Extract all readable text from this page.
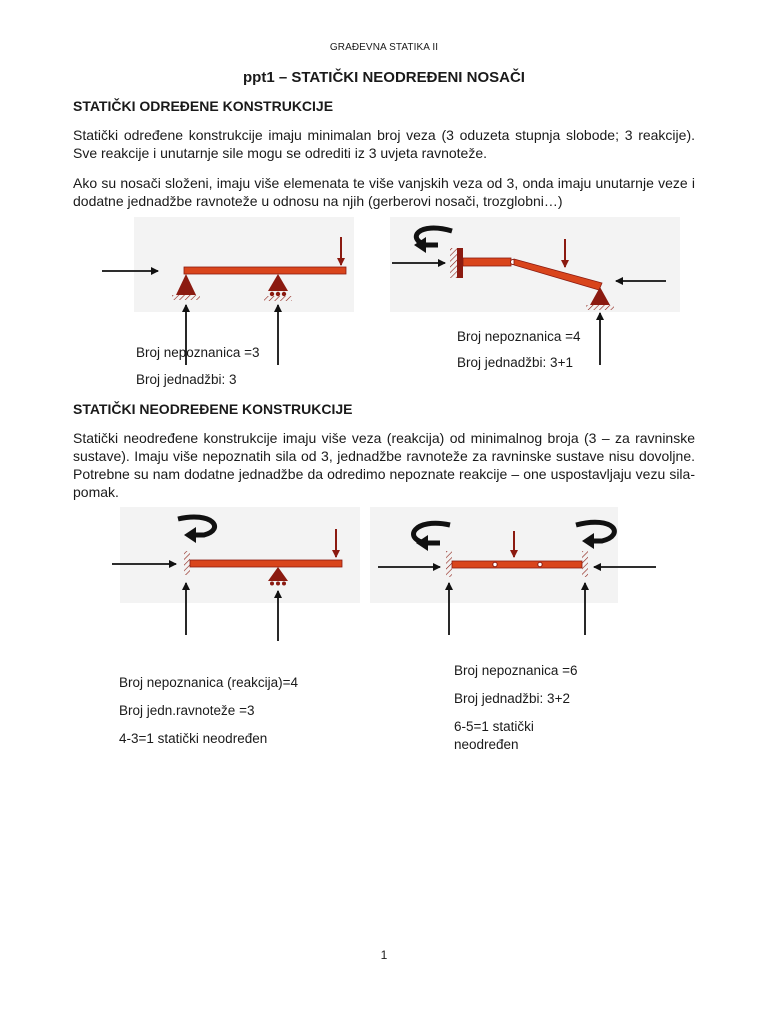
GRAĐEVNA STATIKA II
ppt1 – STATIČKI NEODREĐENI NOSAČI
STATIČKI ODREĐENE KONSTRUKCIJE
Statički određene konstrukcije imaju minimalan broj veza (3 oduzeta stupnja slobode; 3 reakcije). Sve reakcije i unutarnje sile mogu se odrediti iz 3 uvjeta ravnoteže.
Ako su nosači složeni, imaju više elemenata te više vanjskih veza od 3, onda imaju unutarnje veze i dodatne jednadžbe ravnoteže u odnosu na njih (gerberovi nosači, trozglobni…)
Broj nepoznanica =3
Broj jednadžbi: 3
Broj nepoznanica =4
Broj jednadžbi: 3+1
STATIČKI NEODREĐENE KONSTRUKCIJE
Statički neodređene konstrukcije imaju više veza (reakcija) od minimalnog broja (3 – za ravninske sustave). Imaju više nepoznatih sila od 3, jednadžbe ravnoteže za ravninske sustave nisu dovoljne. Potrebne su nam dodatne jednadžbe da odredimo nepoznate reakcije – one uspostavljaju vezu sila-pomak.
Broj nepoznanica (reakcija)=4
Broj jedn.ravnoteže =3
4-3=1 statički neodređen
Broj nepoznanica =6
Broj jednadžbi: 3+2
6-5=1 statički
neodređen
1
